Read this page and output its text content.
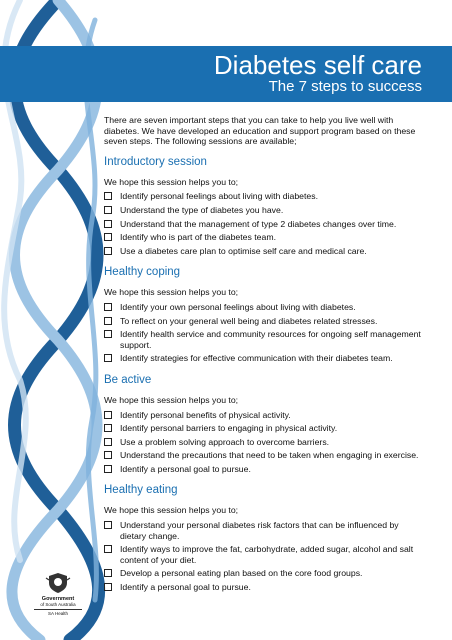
Diabetes self care
The 7 steps to success

There are seven important steps that you can take to help you live well with diabetes. We have developed an education and support program based on these seven steps. The following sessions are available;

Introductory session

We hope this session helps you to;

Identify personal feelings about living with diabetes.
Understand the type of diabetes you have.
Understand that the management of type 2 diabetes changes over time.
Identify who is part of the diabetes team.
Use a diabetes care plan to optimise self care and medical care.
Healthy coping

We hope this session helps you to;

Identify your own personal feelings about living with diabetes.
To reflect on your general well being and diabetes related stresses.
Identify health service and community resources for ongoing self management support.
Identify strategies for effective communication with their diabetes team.
Be active

We hope this session helps you to;

Identify personal benefits of physical activity.
Identify personal barriers to engaging in physical activity.
Use a problem solving approach to overcome barriers.
Understand the precautions that need to be taken when engaging in exercise.
Identify a personal goal to pursue.
Healthy eating

We hope this session helps you to;

Understand your personal diabetes risk factors that can be influenced by dietary change.
Identify ways to improve the fat, carbohydrate, added sugar, alcohol and salt content of your diet.
Develop a personal eating plan based on the core food groups.
Identify a personal goal to pursue.
Government
of South Australia
SA Health
